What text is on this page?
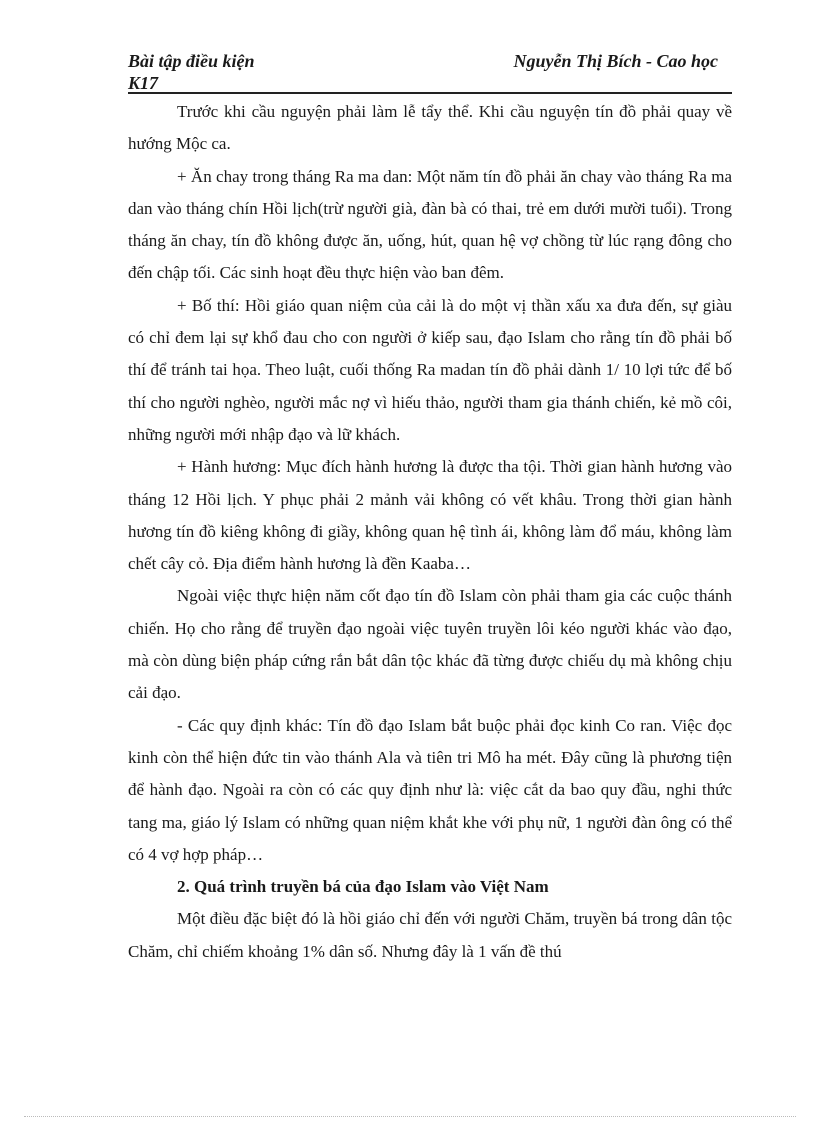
Bài tập điều kiện	Nguyễn Thị Bích - Cao học
K17

Trước khi cầu nguyện phải làm lễ tẩy thể. Khi cầu nguyện tín đồ phải quay về hướng Mộc ca.

+ Ăn chay trong tháng Ra ma dan: Một năm tín đồ phải ăn chay vào tháng Ra ma dan vào tháng chín Hồi lịch(trừ người già, đàn bà có thai, trẻ em dưới mười tuổi). Trong tháng ăn chay, tín đồ không được ăn, uống, hút, quan hệ vợ chồng từ lúc rạng đông cho đến chập tối. Các sinh hoạt đều thực hiện vào ban đêm.

+ Bố thí: Hồi giáo quan niệm của cải là do một vị thần xấu xa đưa đến, sự giàu có chỉ đem lại sự khổ đau cho con người ở kiếp sau, đạo Islam cho rằng tín đồ phải bố thí để tránh tai họa. Theo luật, cuối thống Ra madan tín đồ phải dành 1/ 10 lợi tức để bố thí cho người nghèo, người mắc nợ vì hiếu thảo, người tham gia thánh chiến, kẻ mồ côi, những người mới nhập đạo và lữ khách.

+ Hành hương: Mục đích hành hương là được tha tội. Thời gian hành hương vào tháng 12 Hồi lịch. Y phục phải 2 mảnh vải không có vết khâu. Trong thời gian hành hương tín đồ kiêng không đi giầy, không quan hệ tình ái, không làm đổ máu, không làm chết cây cỏ. Địa điểm hành hương là đền Kaaba…

Ngoài việc thực hiện năm cốt đạo tín đồ Islam còn phải tham gia các cuộc thánh chiến. Họ cho rằng để truyền đạo ngoài việc tuyên truyền lôi kéo người khác vào đạo, mà còn dùng biện pháp cứng rắn bắt dân tộc khác đã từng được chiếu dụ mà không chịu cải đạo.

- Các quy định khác: Tín đồ đạo Islam bắt buộc phải đọc kinh Co ran. Việc đọc kinh còn thể hiện đức tin vào thánh Ala và tiên tri Mô ha mét. Đây cũng là phương tiện để hành đạo. Ngoài ra còn có các quy định như là: việc cắt da bao quy đầu, nghi thức tang ma, giáo lý Islam có những quan niệm khắt khe với phụ nữ, 1 người đàn ông có thể có 4 vợ hợp pháp…

2. Quá trình truyền bá của đạo Islam vào Việt Nam

Một điều đặc biệt đó là hồi giáo chỉ đến với người Chăm, truyền bá trong dân tộc Chăm, chỉ chiếm khoảng 1% dân số. Nhưng đây là 1 vấn đề thú
